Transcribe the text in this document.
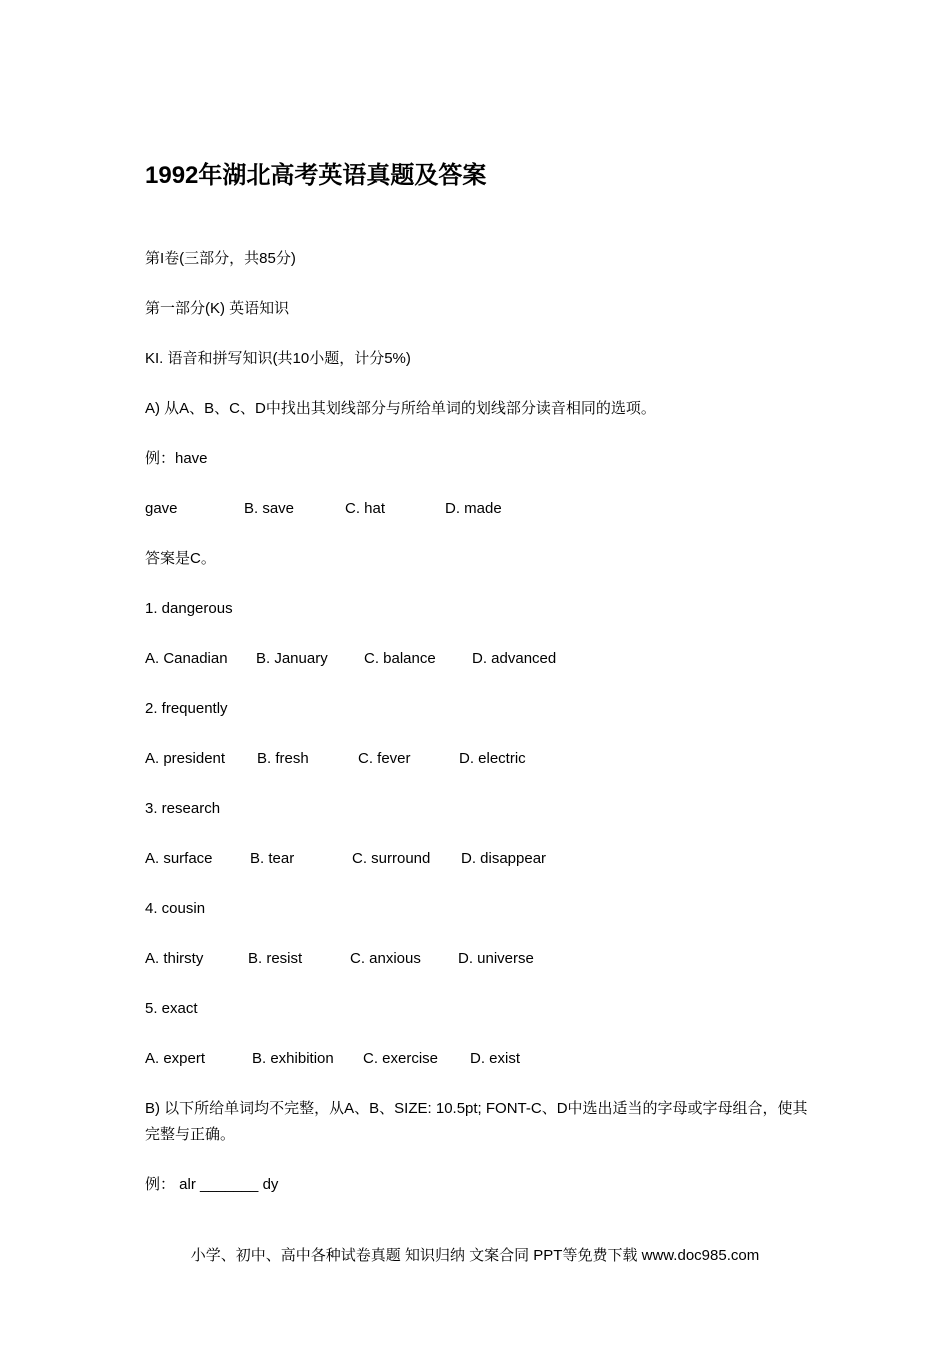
1992年湖北高考英语真题及答案
第I卷(三部分，共85分)
第一部分(K) 英语知识
KI. 语音和拼写知识(共10小题，计分5%)
A) 从A、B、C、D中找出其划线部分与所给单词的划线部分读音相同的选项。
例：have
gave	B. save	C. hat	D. made
答案是C。
1. dangerous
A. Canadian B. January C. balance D. advanced
2. frequently
A. president B. fresh	C. fever	D. electric
3. research
A. surface B. tear	C. surround D. disappear
4. cousin
A. thirsty	B. resist	C. anxious D. universe
5. exact
A. expert	B. exhibition C. exercise D. exist
B) 以下所给单词均不完整，从A、B、SIZE: 10.5pt; FONT-C、D中选出适当的字母或字母组合，使其完整与正确。
例： alr _______ dy
小学、初中、高中各种试卷真题 知识归纳 文案合同 PPT等免费下载 www.doc985.com
